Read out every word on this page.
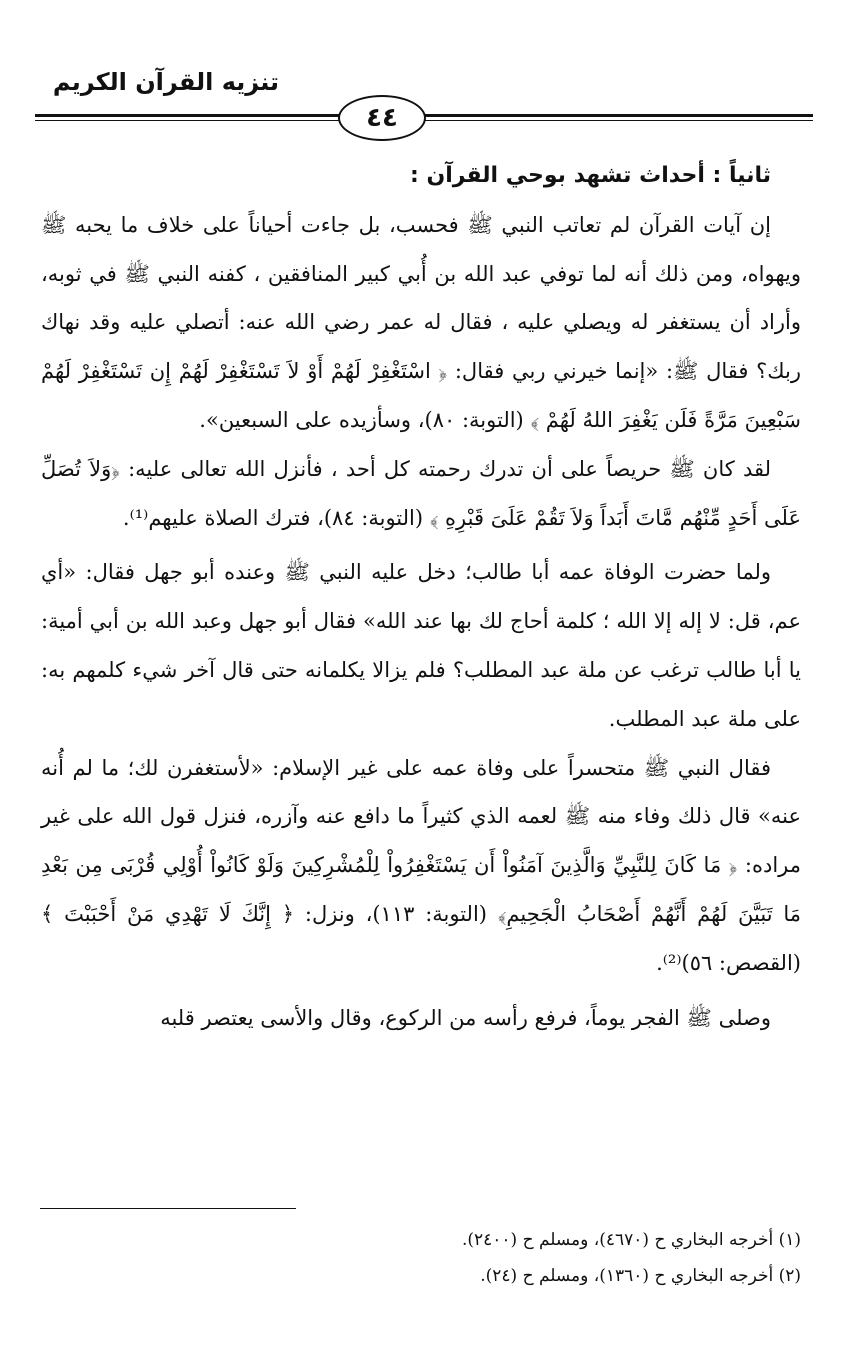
تنزيه القرآن الكريم
٤٤

ثانياً : أحداث تشهد بوحي القرآن :

إن آيات القرآن لم تعاتب النبي ﷺ فحسب، بل جاءت أحياناً على خلاف ما يحبه ﷺ ويهواه، ومن ذلك أنه لما توفي عبد الله بن أُبي كبير المنافقين ، كفنه النبي ﷺ في ثوبه، وأراد أن يستغفر له ويصلي عليه ، فقال له عمر رضي الله عنه: أتصلي عليه وقد نهاك ربك؟ فقال ﷺ: «إنما خيرني ربي فقال: ﴿ اسْتَغْفِرْ لَهُمْ أَوْ لاَ تَسْتَغْفِرْ لَهُمْ إِن تَسْتَغْفِرْ لَهُمْ سَبْعِينَ مَرَّةً فَلَن يَغْفِرَ اللهُ لَهُمْ ﴾ (التوبة: ٨٠)، وسأزيده على السبعين».

لقد كان ﷺ حريصاً على أن تدرك رحمته كل أحد ، فأنزل الله تعالى عليه: ﴿وَلاَ تُصَلِّ عَلَى أَحَدٍ مِّنْهُم مَّاتَ أَبَداً وَلاَ تَقُمْ عَلَىَ قَبْرِهِ ﴾ (التوبة: ٨٤)، فترك الصلاة عليهم⁽¹⁾.

ولما حضرت الوفاة عمه أبا طالب؛ دخل عليه النبي ﷺ وعنده أبو جهل فقال: «أي عم، قل: لا إله إلا الله ؛ كلمة أحاج لك بها عند الله» فقال أبو جهل وعبد الله بن أبي أمية: يا أبا طالب ترغب عن ملة عبد المطلب؟ فلم يزالا يكلمانه حتى قال آخر شيء كلمهم به: على ملة عبد المطلب.

فقال النبي ﷺ متحسراً على وفاة عمه على غير الإسلام: «لأستغفرن لك؛ ما لم أُنه عنه» قال ذلك وفاء منه ﷺ لعمه الذي كثيراً ما دافع عنه وآزره، فنزل قول الله على غير مراده: ﴿ مَا كَانَ لِلنَّبِيِّ وَالَّذِينَ آمَنُواْ أَن يَسْتَغْفِرُواْ لِلْمُشْرِكِينَ وَلَوْ كَانُواْ أُوْلِي قُرْبَى مِن بَعْدِ مَا تَبَيَّنَ لَهُمْ أَنَّهُمْ أَصْحَابُ الْجَحِيمِ﴾ (التوبة: ١١٣)، ونزل: ﴿ إِنَّكَ لَا تَهْدِي مَنْ أَحْبَبْتَ ﴾ (القصص: ٥٦)⁽²⁾.

وصلى ﷺ الفجر يوماً، فرفع رأسه من الركوع، وقال والأسى يعتصر قلبه

(١) أخرجه البخاري ح (٤٦٧٠)، ومسلم ح (٢٤٠٠).

(٢) أخرجه البخاري ح (١٣٦٠)، ومسلم ح (٢٤).
